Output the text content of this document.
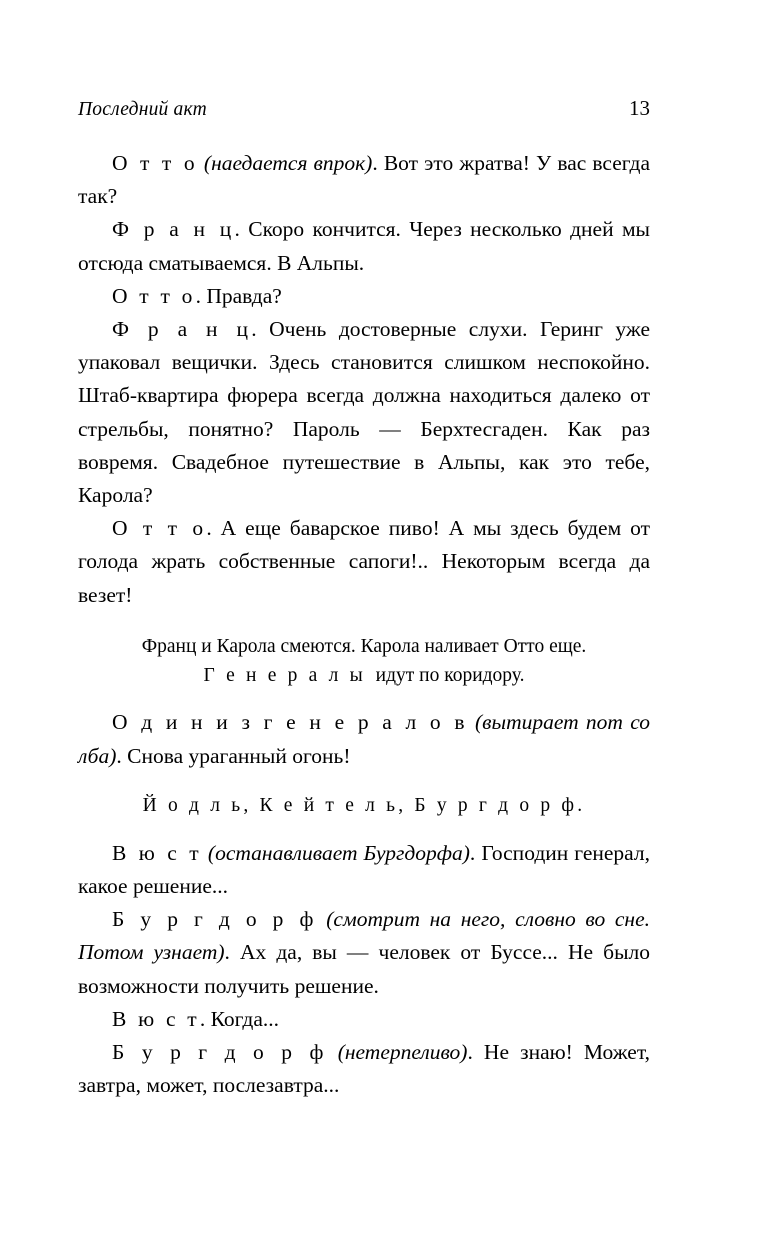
Последний акт	13

О т т о (наедается впрок). Вот это жратва! У вас всегда так?

Ф р а н ц. Скоро кончится. Через несколько дней мы отсюда сматываемся. В Альпы.

О т т о. Правда?

Ф р а н ц. Очень достоверные слухи. Геринг уже упаковал вещички. Здесь становится слишком неспокойно. Штаб-квартира фюрера всегда должна находиться далеко от стрельбы, понятно? Пароль — Берхтесгаден. Как раз вовремя. Свадебное путешествие в Альпы, как это тебе, Карола?

О т т о. А еще баварское пиво! А мы здесь будем от голода жрать собственные сапоги!.. Некоторым всегда да везет!

Франц и Карола смеются. Карола наливает Отто еще.
Г е н е р а л ы идут по коридору.

О д и н и з г е н е р а л о в (вытирает пот со лба). Снова ураганный огонь!

Й о д л ь, К е й т е л ь, Б у р г д о р ф.

В ю с т (останавливает Бургдорфа). Господин генерал, какое решение...

Б у р г д о р ф (смотрит на него, словно во сне. Потом узнает). Ах да, вы — человек от Буссе... Не было возможности получить решение.

В ю с т. Когда...

Б у р г д о р ф (нетерпеливо). Не знаю! Может, завтра, может, послезавтра...
